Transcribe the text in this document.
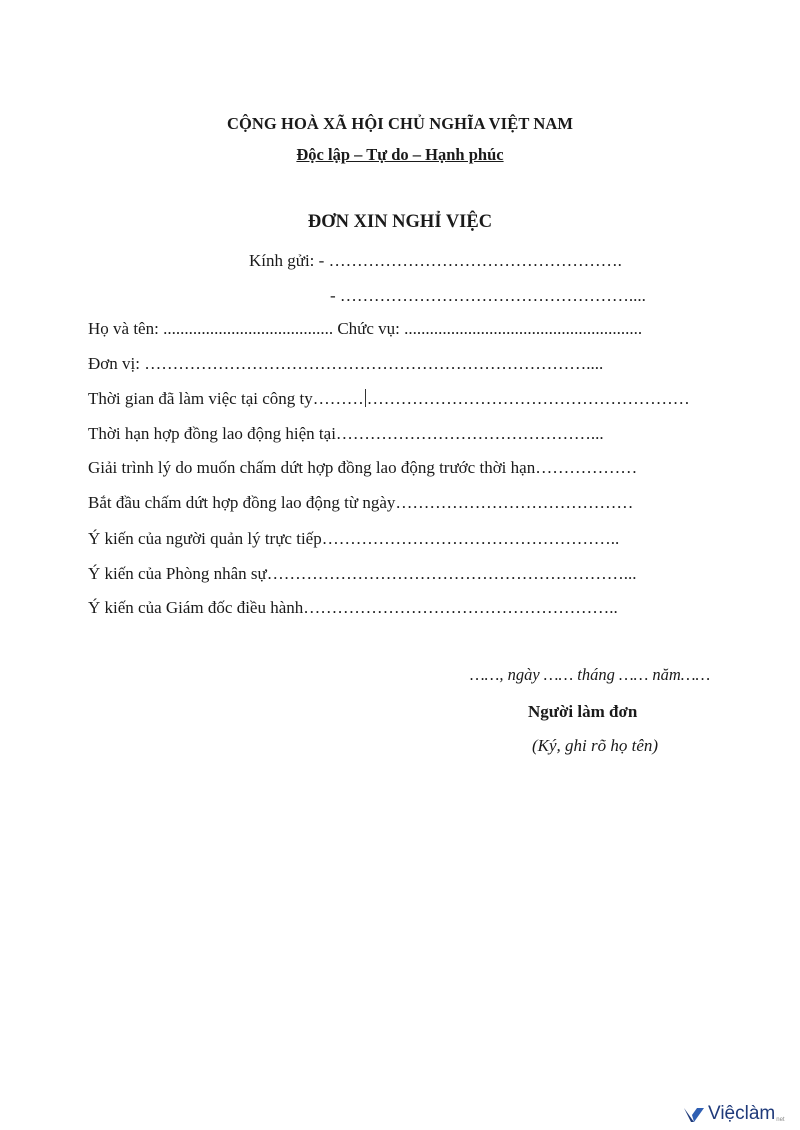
CỘNG HOÀ XÃ HỘI CHỦ NGHĨA VIỆT NAM
Độc lập – Tự do – Hạnh phúc
ĐƠN XIN NGHỈ VIỆC
Kính gửi: - …………………………………………….
- ……………………………………………....
Họ và tên: ........................................ Chức vụ: ........................................................
Đơn vị: ……………………………………………………………………....
Thời gian đã làm việc tại công ty……… …………………………………………………
Thời hạn hợp đồng lao động hiện tại………………………………………...
Giải trình lý do muốn chấm dứt hợp đồng lao động trước thời hạn………………
Bắt đầu chấm dứt hợp đồng lao động từ ngày……………………………………
Ý kiến của người quản lý trực tiếp……………………………………………..
Ý kiến của Phòng nhân sự………………………………………………………...
Ý kiến của Giám đốc điều hành………………………………………………..
……, ngày …… tháng …… năm……
Người làm đơn
(Ký, ghi rõ họ tên)
Việclàm net
